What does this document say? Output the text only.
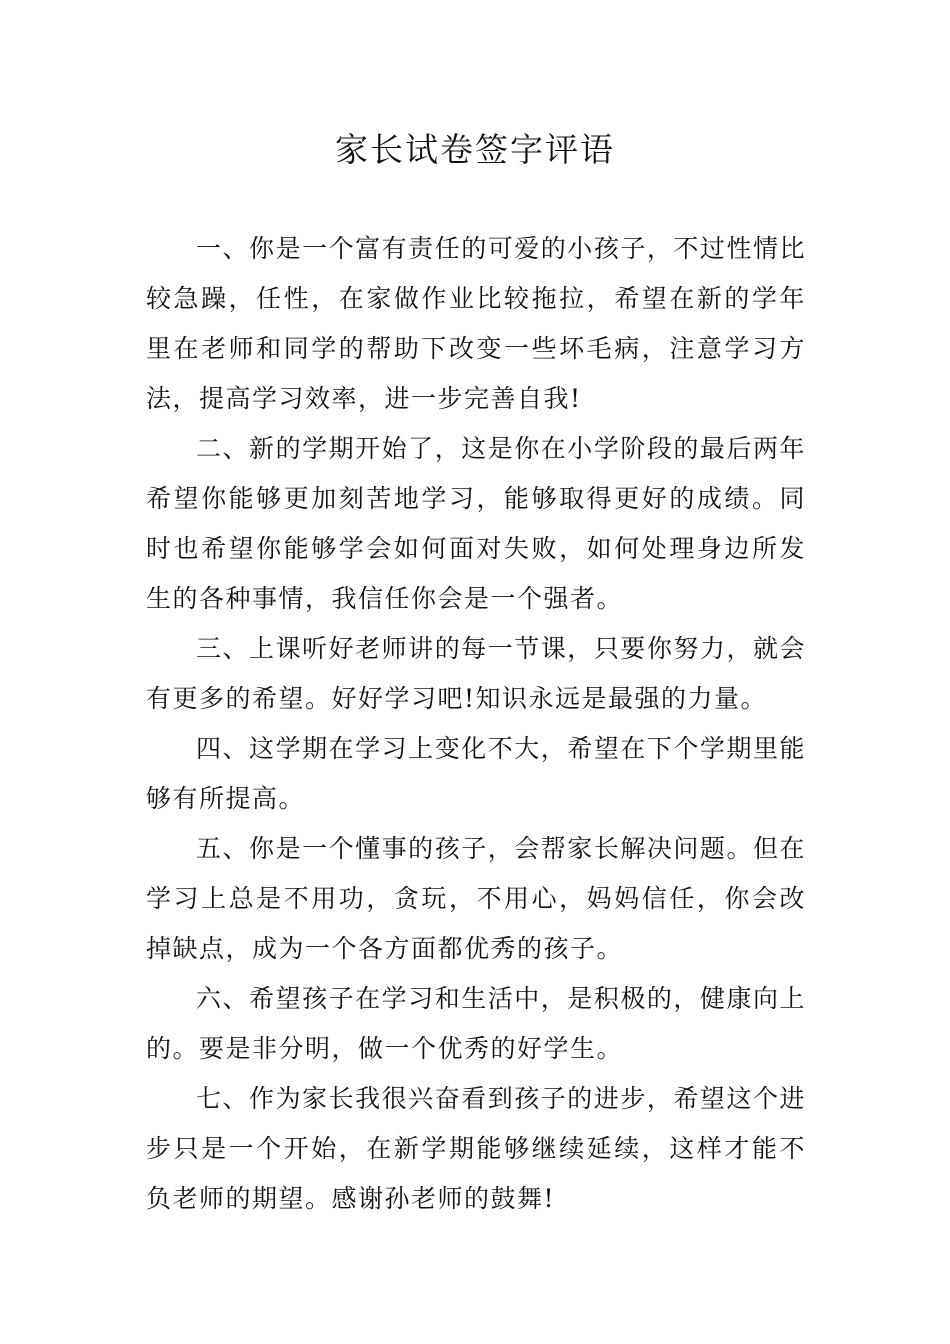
家长试卷签字评语

一、你是一个富有责任的可爱的小孩子，不过性情比较急躁，任性，在家做作业比较拖拉，希望在新的学年里在老师和同学的帮助下改变一些坏毛病，注意学习方法，提高学习效率，进一步完善自我!

二、新的学期开始了，这是你在小学阶段的最后两年希望你能够更加刻苦地学习，能够取得更好的成绩。同时也希望你能够学会如何面对失败，如何处理身边所发生的各种事情，我信任你会是一个强者。

三、上课听好老师讲的每一节课，只要你努力，就会有更多的希望。好好学习吧!知识永远是最强的力量。

四、这学期在学习上变化不大，希望在下个学期里能够有所提高。

五、你是一个懂事的孩子，会帮家长解决问题。但在学习上总是不用功，贪玩，不用心，妈妈信任，你会改掉缺点，成为一个各方面都优秀的孩子。

六、希望孩子在学习和生活中，是积极的，健康向上的。要是非分明，做一个优秀的好学生。

七、作为家长我很兴奋看到孩子的进步，希望这个进步只是一个开始，在新学期能够继续延续，这样才能不负老师的期望。感谢孙老师的鼓舞!
